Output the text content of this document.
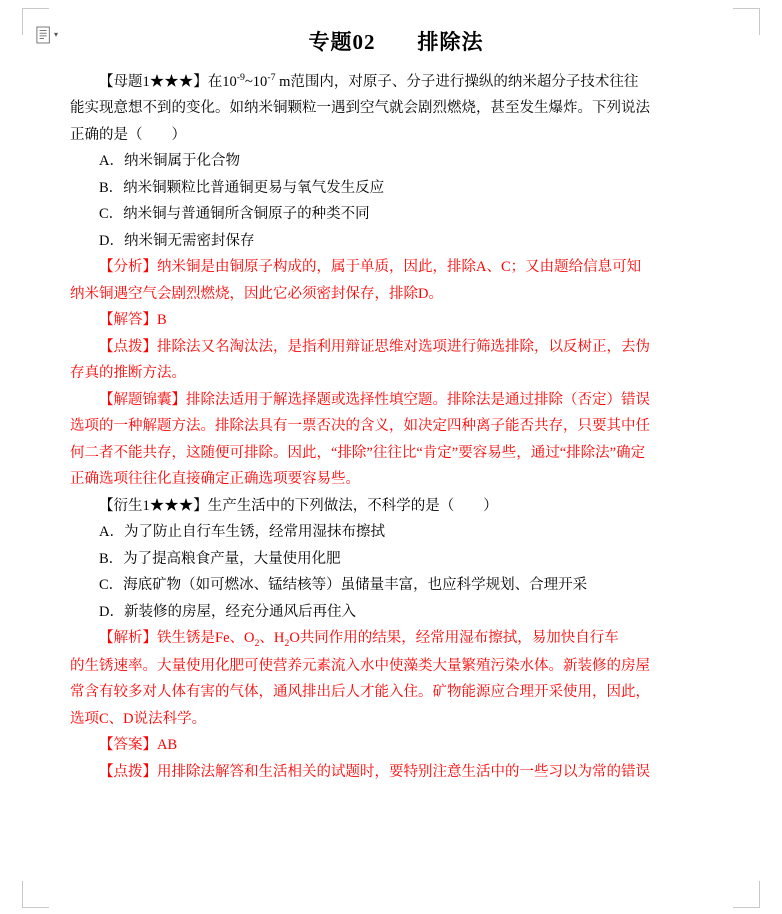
▾	专题02 排除法

【母题1★★★】在$10^{-9}\sim 10^{-7}$ m范围内，对原子、分子进行操纵的纳米超分子技术往往

能实现意想不到的变化。如纳米铜颗粒一遇到空气就会剧烈燃烧，甚至发生爆炸。下列说法

正确的是（　　）

A．纳米铜属于化合物

B．纳米铜颗粒比普通铜更易与氧气发生反应

C．纳米铜与普通铜所含铜原子的种类不同

D．纳米铜无需密封保存

【分析】纳米铜是由铜原子构成的，属于单质，因此，排除A、C；又由题给信息可知

纳米铜遇空气会剧烈燃烧，因此它必须密封保存，排除D。

【解答】B

【点拨】排除法又名淘汰法，是指利用辩证思维对选项进行筛选排除，以反树正，去伪

存真的推断方法。

【解题锦囊】排除法适用于解选择题或选择性填空题。排除法是通过排除（否定）错误

选项的一种解题方法。排除法具有一票否决的含义，如决定四种离子能否共存，只要其中任

何二者不能共存，这随便可排除。因此，“排除”往往比“肯定”要容易些，通过“排除法”确定

正确选项往往化直接确定正确选项要容易些。

【衍生1★★★】生产生活中的下列做法，不科学的是（　　）

A．为了防止自行车生锈，经常用湿抹布擦拭

B．为了提高粮食产量，大量使用化肥

C．海底矿物（如可燃冰、锰结核等）虽储量丰富，也应科学规划、合理开采

D．新装修的房屋，经充分通风后再住入

【解析】铁生锈是Fe、$O_2$、$H_2O$共同作用的结果，经常用湿布擦拭，易加快自行车

的生锈速率。大量使用化肥可使营养元素流入水中使藻类大量繁殖污染水体。新装修的房屋

常含有较多对人体有害的气体，通风排出后人才能入住。矿物能源应合理开采使用，因此，

选项C、D说法科学。

【答案】AB

【点拨】用排除法解答和生活相关的试题时，要特别注意生活中的一些习以为常的错误
